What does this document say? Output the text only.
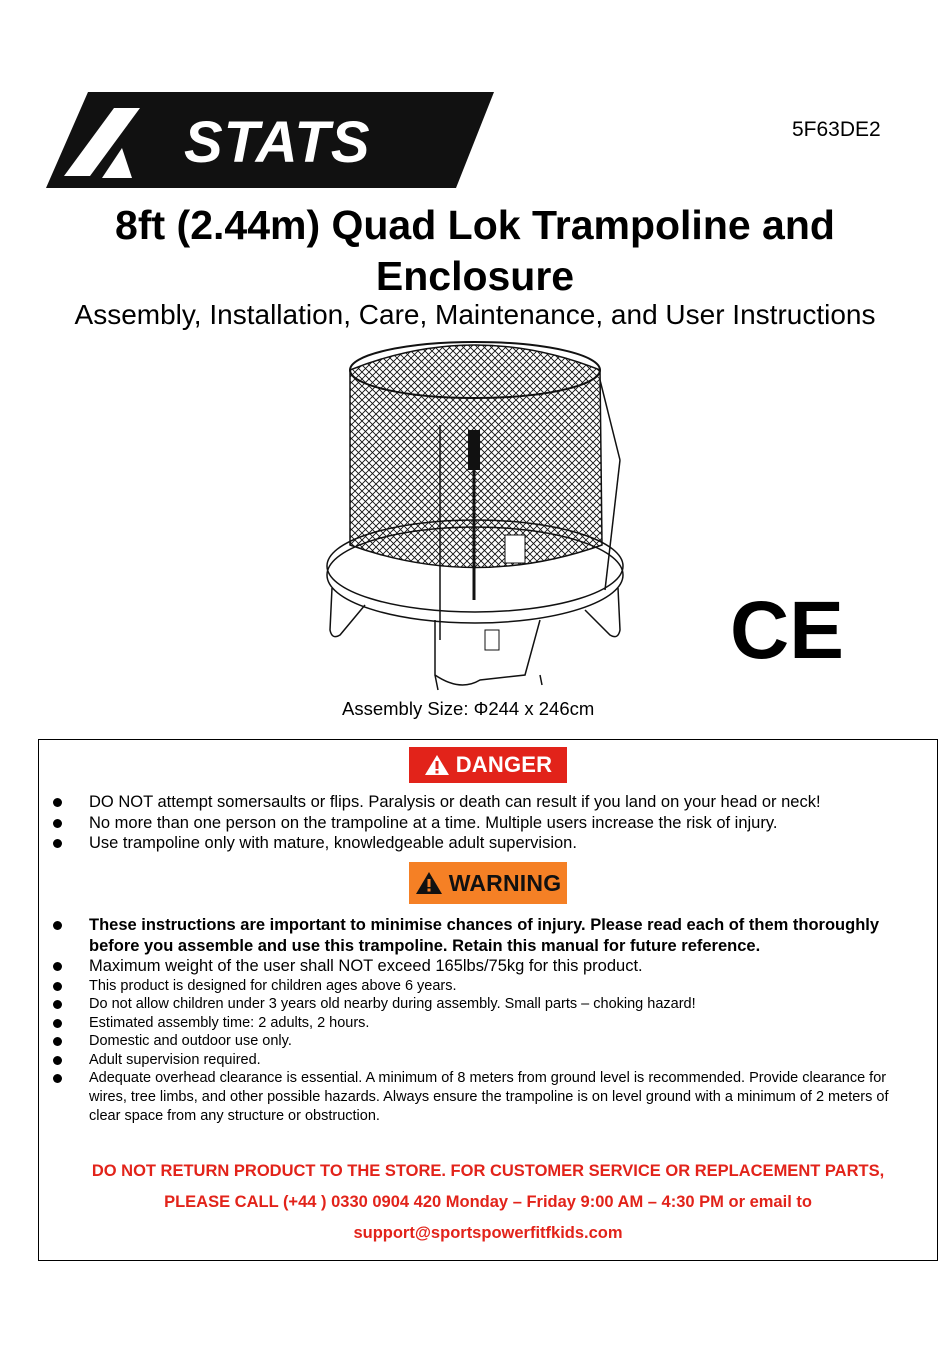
STATS	5F63DE2
8ft (2.44m) Quad Lok Trampoline and
Enclosure
Assembly, Installation, Care, Maintenance, and User Instructions
CE
Assembly Size: Φ244 x 246cm
DANGER
DO NOT attempt somersaults or flips. Paralysis or death can result if you land on your head or neck!
No more than one person on the trampoline at a time. Multiple users increase the risk of injury.
Use trampoline only with mature, knowledgeable adult supervision.
WARNING
These instructions are important to minimise chances of injury. Please read each of them thoroughly before you assemble and use this trampoline. Retain this manual for future reference.
Maximum weight of the user shall NOT exceed 165lbs/75kg for this product.
This product is designed for children ages above 6 years.
Do not allow children under 3 years old nearby during assembly. Small parts – choking hazard!
Estimated assembly time: 2 adults, 2 hours.
Domestic and outdoor use only.
Adult supervision required.
Adequate overhead clearance is essential. A minimum of 8 meters from ground level is recommended. Provide clearance for wires, tree limbs, and other possible hazards. Always ensure the trampoline is on level ground with a minimum of 2 meters of clear space from any structure or obstruction.
DO NOT RETURN PRODUCT TO THE STORE. FOR CUSTOMER SERVICE OR REPLACEMENT PARTS,
PLEASE CALL (+44 ) 0330 0904 420 Monday – Friday 9:00 AM – 4:30 PM or email to
support@sportspowerfitfkids.com
